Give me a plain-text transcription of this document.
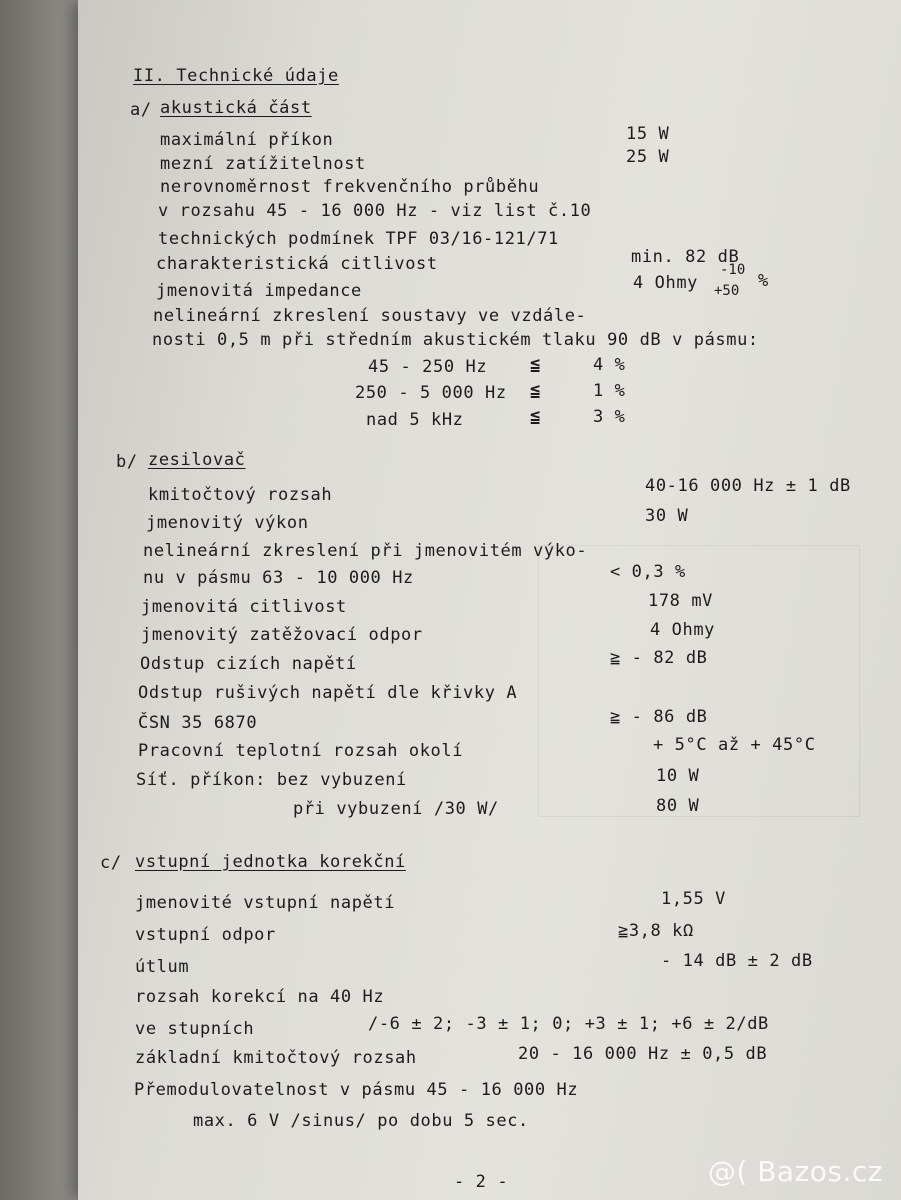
II. Technické údaje
a/ akustická část
maximální příkon	15 W
mezní zatížitelnost	25 W
nerovnoměrnost frekvenčního průběhu
v rozsahu 45 - 16 000 Hz - viz list č.10
technických podmínek TPF 03/16-121/71
charakteristická citlivost	min. 82 dB
jmenovitá impedance	4 Ohmy
-10
+50 %
nelineární zkreslení soustavy ve vzdále-
nosti 0,5 m při středním akustickém tlaku 90 dB v pásmu:
45 - 250 Hz	≦	4 %
250 - 5 000 Hz ≦	1 %
nad 5 kHz	≦	3 %
b/ zesilovač
kmitočtový rozsah	40-16 000 Hz ± 1 dB
jmenovitý výkon	30 W
nelineární zkreslení při jmenovitém výko-
nu v pásmu 63 - 10 000 Hz	< 0,3 %
jmenovitá citlivost	178 mV
jmenovitý zatěžovací odpor	4 Ohmy
Odstup cizích napětí	≧ - 82 dB
Odstup rušivých napětí dle křivky A
ČSN 35 6870	≧ - 86 dB
Pracovní teplotní rozsah okolí	+ 5°C až + 45°C
Síť. příkon: bez vybuzení	10 W
při vybuzení /30 W/	80 W
c/ vstupní jednotka korekční
jmenovité vstupní napětí	1,55 V
vstupní odpor	≧3,8 kΩ
útlum	- 14 dB ± 2 dB
rozsah korekcí na 40 Hz
ve stupních	/-6 ± 2; -3 ± 1; 0; +3 ± 1; +6 ± 2/dB
základní kmitočtový rozsah	20 - 16 000 Hz ± 0,5 dB
Přemodulovatelnost v pásmu 45 - 16 000 Hz
max. 6 V /sinus/ po dobu 5 sec.
- 2 -	@( Bazos.cz
